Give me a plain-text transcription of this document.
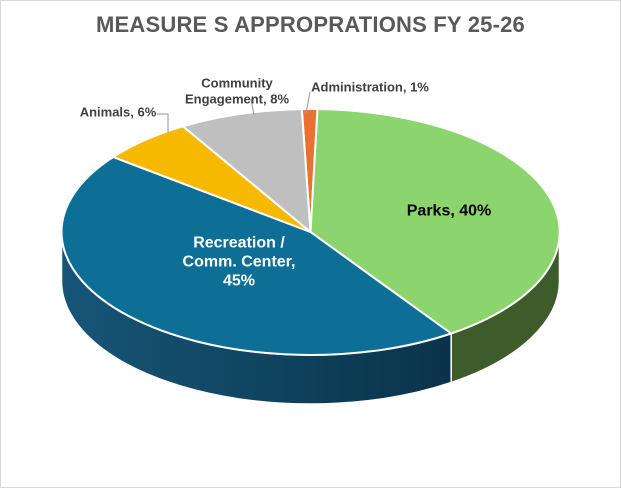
MEASURE S APPROPRATIONS FY 25-26
Animals, 6%
Community
Engagement, 8%
Administration, 1%
Parks, 40%
Recreation /
Comm. Center,
45%
